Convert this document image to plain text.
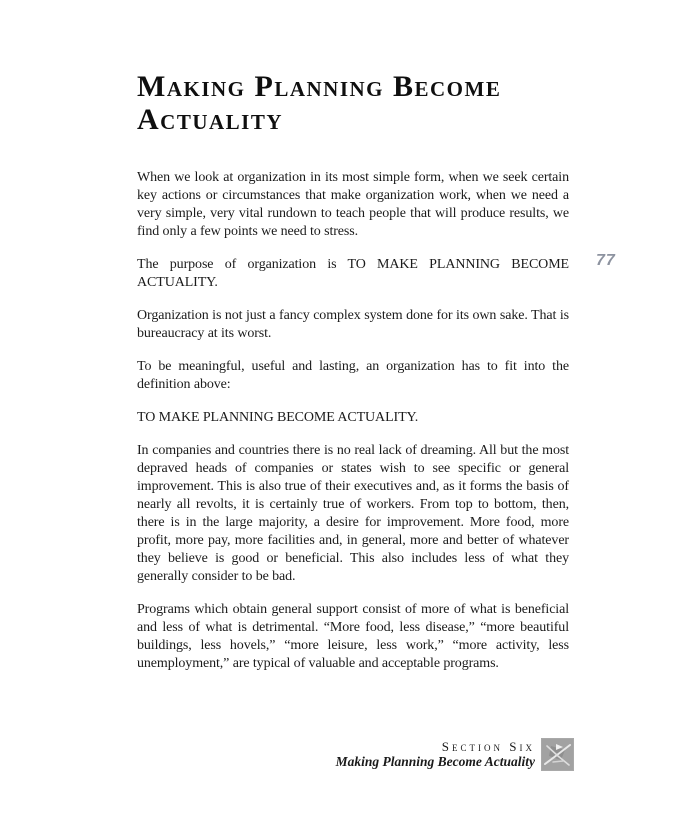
Making Planning Become
Actuality
77

When we look at organization in its most simple form, when we seek certain key actions or circumstances that make organization work, when we need a very simple, very vital rundown to teach people that will produce results, we find only a few points we need to stress.

The purpose of organization is TO MAKE PLANNING BECOME ACTUALITY.

Organization is not just a fancy complex system done for its own sake. That is bureaucracy at its worst.

To be meaningful, useful and lasting, an organization has to fit into the definition above:

TO MAKE PLANNING BECOME ACTUALITY.

In companies and countries there is no real lack of dreaming. All but the most depraved heads of companies or states wish to see specific or general improvement. This is also true of their executives and, as it forms the basis of nearly all revolts, it is certainly true of workers. From top to bottom, then, there is in the large majority, a desire for improvement. More food, more profit, more pay, more facilities and, in general, more and better of whatever they believe is good or beneficial. This also includes less of what they generally consider to be bad.

Programs which obtain general support consist of more of what is beneficial and less of what is detrimental. “More food, less disease,” “more beautiful buildings, less hovels,” “more leisure, less work,” “more activity, less unemployment,” are typical of valuable and acceptable programs.

Section Six
Making Planning Become Actuality
